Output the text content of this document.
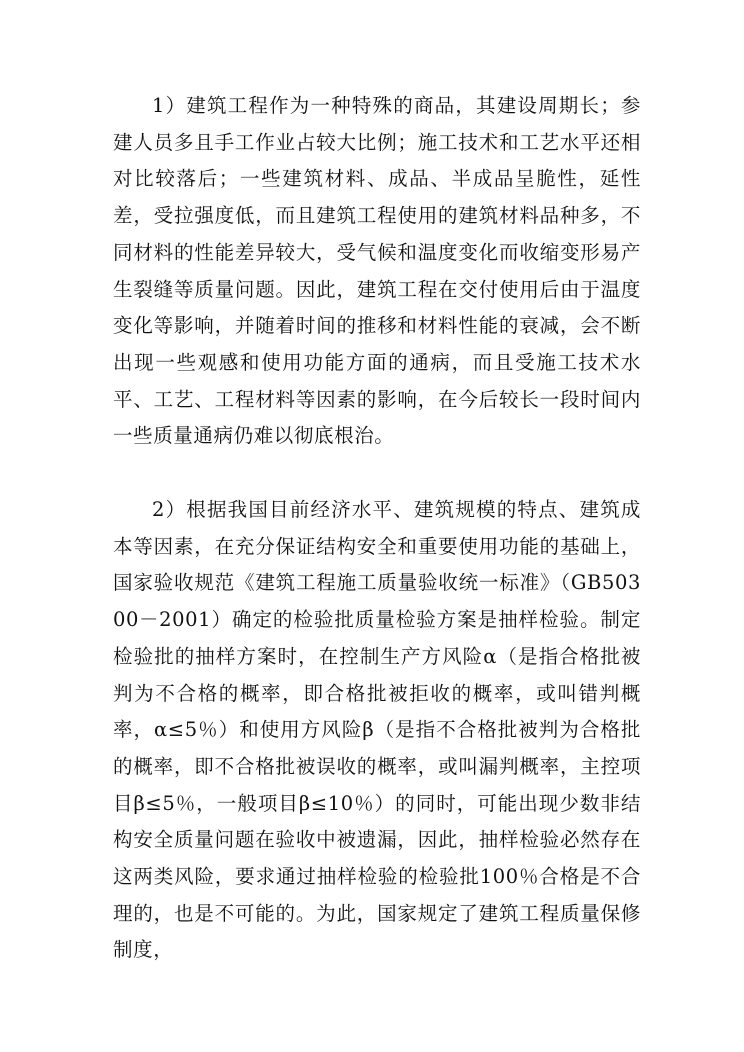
1）建筑工程作为一种特殊的商品，其建设周期长；参建人员多且手工作业占较大比例；施工技术和工艺水平还相对比较落后；一些建筑材料、成品、半成品呈脆性，延性差，受拉强度低，而且建筑工程使用的建筑材料品种多，不同材料的性能差异较大，受气候和温度变化而收缩变形易产生裂缝等质量问题。因此，建筑工程在交付使用后由于温度变化等影响，并随着时间的推移和材料性能的衰减，会不断出现一些观感和使用功能方面的通病，而且受施工技术水平、工艺、工程材料等因素的影响，在今后较长一段时间内一些质量通病仍难以彻底根治。

2）根据我国目前经济水平、建筑规模的特点、建筑成本等因素，在充分保证结构安全和重要使用功能的基础上，国家验收规范《建筑工程施工质量验收统一标准》（GB50300－2001）确定的检验批质量检验方案是抽样检验。制定检验批的抽样方案时，在控制生产方风险α（是指合格批被判为不合格的概率，即合格批被拒收的概率，或叫错判概率，α≤5％）和使用方风险β（是指不合格批被判为合格批的概率，即不合格批被误收的概率，或叫漏判概率，主控项目β≤5％，一般项目β≤10％）的同时，可能出现少数非结构安全质量问题在验收中被遗漏，因此，抽样检验必然存在这两类风险，要求通过抽样检验的检验批100％合格是不合理的，也是不可能的。为此，国家规定了建筑工程质量保修制度，
